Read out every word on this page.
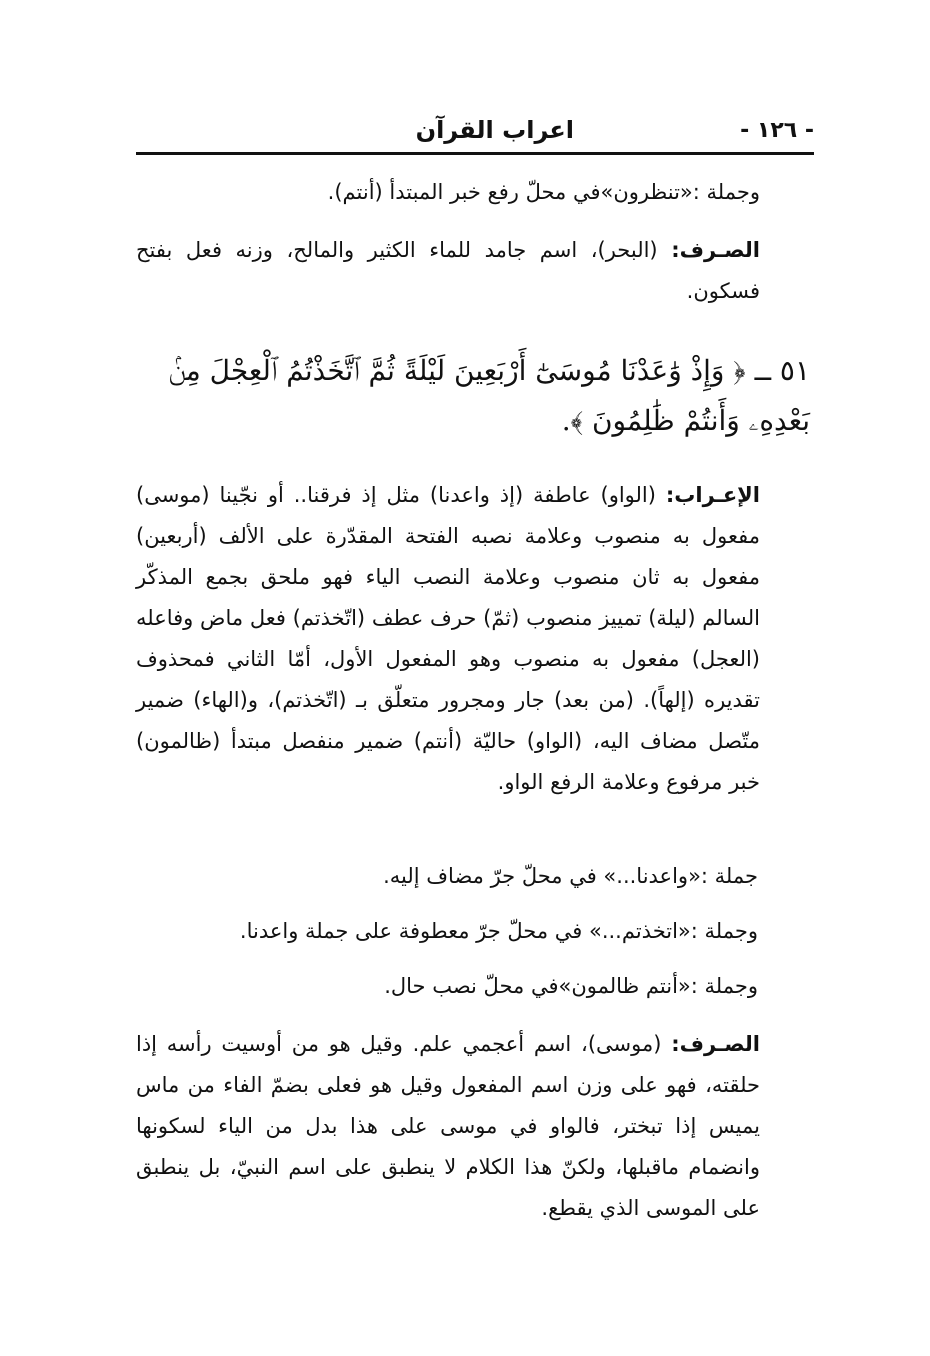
- ١٢٦ -
اعراب القرآن
وجملة :«تنظرون»في محلّ رفع خبر المبتدأ (أنتم).
الصـرف: (البحر)، اسم جامد للماء الكثير والمالح، وزنه فعل بفتح فسكون.
٥١ ــ ﴿ وَإِذْ وَٰعَدْنَا مُوسَىٰٓ أَرْبَعِينَ لَيْلَةً ثُمَّ ٱتَّخَذْتُمُ ٱلْعِجْلَ مِنۢ بَعْدِهِۦ وَأَنتُمْ ظَٰلِمُونَ ﴾.
الإعـراب: (الواو) عاطفة (إذ واعدنا) مثل إذ فرقنا.. أو نجّينا (موسى) مفعول به منصوب وعلامة نصبه الفتحة المقدّرة على الألف (أربعين) مفعول به ثان منصوب وعلامة النصب الياء فهو ملحق بجمع المذكّر السالم (ليلة) تمييز منصوب (ثمّ) حرف عطف (اتّخذتم) فعل ماض وفاعله (العجل) مفعول به منصوب وهو المفعول الأول، أمّا الثاني فمحذوف تقديره (إلهاً). (من بعد) جار ومجرور متعلّق بـ (اتّخذتم)، و(الهاء) ضمير متّصل مضاف اليه، (الواو) حاليّة (أنتم) ضمير منفصل مبتدأ (ظالمون) خبر مرفوع وعلامة الرفع الواو.
جملة :«واعدنا...» في محلّ جرّ مضاف إليه.
وجملة :«اتخذتم...» في محلّ جرّ معطوفة على جملة واعدنا.
وجملة :«أنتم ظالمون»في محلّ نصب حال.
الصـرف: (موسى)، اسم أعجمي علم. وقيل هو من أوسيت رأسه إذا حلقته، فهو على وزن اسم المفعول وقيل هو فعلى بضمّ الفاء من ماس يميس إذا تبختر، فالواو في موسى على هذا بدل من الياء لسكونها وانضمام ماقبلها، ولكنّ هذا الكلام لا ينطبق على اسم النبيّ، بل ينطبق على الموسى الذي يقطع.
